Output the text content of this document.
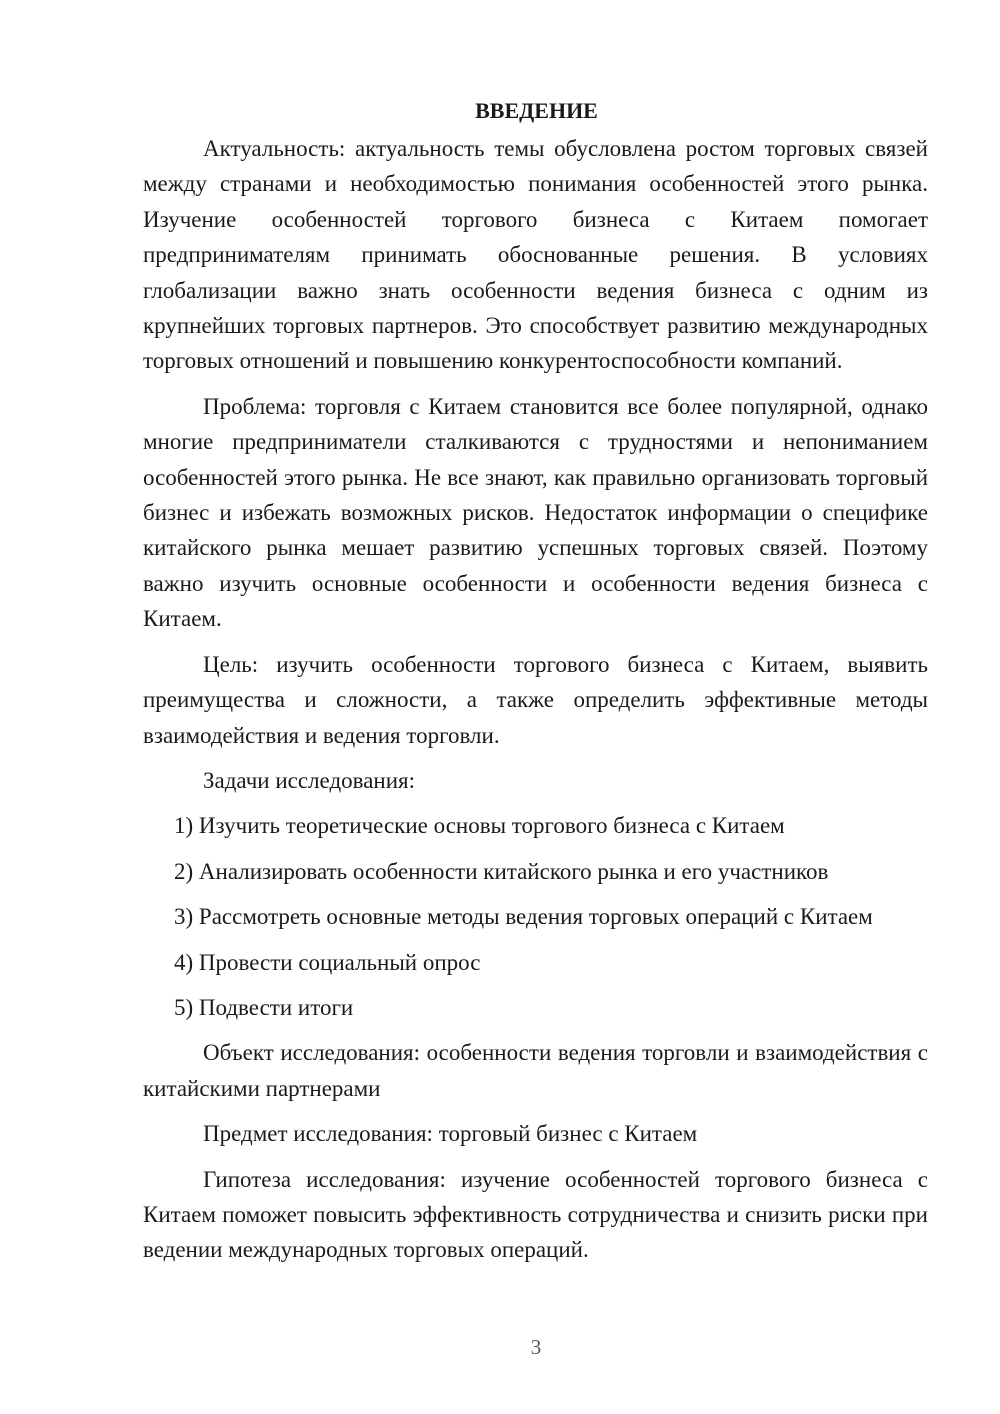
ВВЕДЕНИЕ

Актуальность: актуальность темы обусловлена ростом торговых связей между странами и необходимостью понимания особенностей этого рынка. Изучение особенностей торгового бизнеса с Китаем помогает предпринимателям принимать обоснованные решения. В условиях глобализации важно знать особенности ведения бизнеса с одним из крупнейших торговых партнеров. Это способствует развитию международных торговых отношений и повышению конкурентоспособности компаний.

Проблема: торговля с Китаем становится все более популярной, однако многие предприниматели сталкиваются с трудностями и непониманием особенностей этого рынка. Не все знают, как правильно организовать торговый бизнес и избежать возможных рисков. Недостаток информации о специфике китайского рынка мешает развитию успешных торговых связей. Поэтому важно изучить основные особенности и особенности ведения бизнеса с Китаем.

Цель: изучить особенности торгового бизнеса с Китаем, выявить преимущества и сложности, а также определить эффективные методы взаимодействия и ведения торговли.

Задачи исследования:

1) Изучить теоретические основы торгового бизнеса с Китаем
2) Анализировать особенности китайского рынка и его участников
3) Рассмотреть основные методы ведения торговых операций с Китаем
4) Провести социальный опрос
5) Подвести итоги

Объект исследования: особенности ведения торговли и взаимодействия с китайскими партнерами

Предмет исследования: торговый бизнес с Китаем

Гипотеза исследования: изучение особенностей торгового бизнеса с Китаем поможет повысить эффективность сотрудничества и снизить риски при ведении международных торговых операций.

3
